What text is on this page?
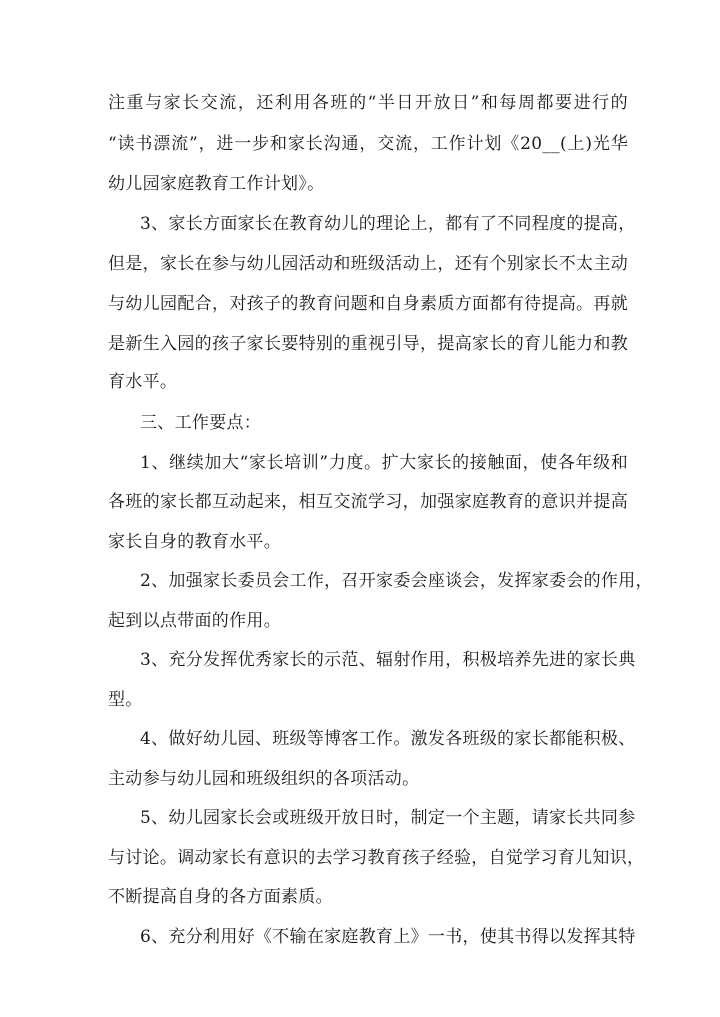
注重与家长交流，还利用各班的“半日开放日”和每周都要进行的
“读书漂流”，进一步和家长沟通，交流，工作计划《20__(上)光华
幼儿园家庭教育工作计划》。
3、家长方面家长在教育幼儿的理论上，都有了不同程度的提高，
但是，家长在参与幼儿园活动和班级活动上，还有个别家长不太主动
与幼儿园配合，对孩子的教育问题和自身素质方面都有待提高。再就
是新生入园的孩子家长要特别的重视引导，提高家长的育儿能力和教
育水平。
三、工作要点：
1、继续加大“家长培训”力度。扩大家长的接触面，使各年级和
各班的家长都互动起来，相互交流学习，加强家庭教育的意识并提高
家长自身的教育水平。
2、加强家长委员会工作，召开家委会座谈会，发挥家委会的作用，
起到以点带面的作用。
3、充分发挥优秀家长的示范、辐射作用，积极培养先进的家长典
型。
4、做好幼儿园、班级等博客工作。激发各班级的家长都能积极、
主动参与幼儿园和班级组织的各项活动。
5、幼儿园家长会或班级开放日时，制定一个主题，请家长共同参
与讨论。调动家长有意识的去学习教育孩子经验，自觉学习育儿知识，
不断提高自身的各方面素质。
6、充分利用好《不输在家庭教育上》一书，使其书得以发挥其特
